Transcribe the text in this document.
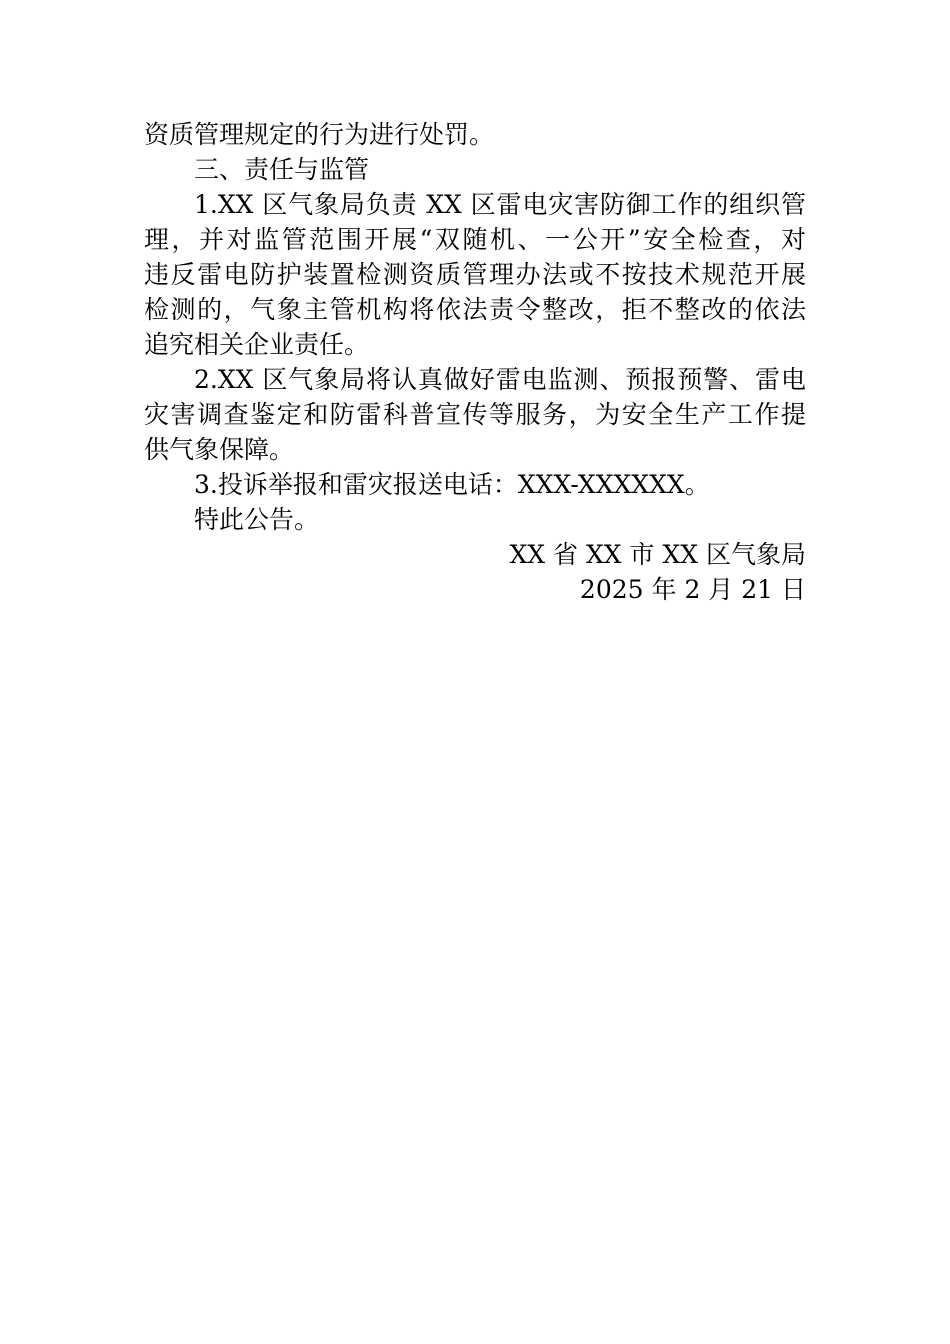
资质管理规定的行为进行处罚。
三、责任与监管
1.XX 区气象局负责 XX 区雷电灾害防御工作的组织管
理，并对监管范围开展“双随机、一公开”安全检查，对
违反雷电防护装置检测资质管理办法或不按技术规范开展
检测的，气象主管机构将依法责令整改，拒不整改的依法
追究相关企业责任。
2.XX 区气象局将认真做好雷电监测、预报预警、雷电
灾害调查鉴定和防雷科普宣传等服务，为安全生产工作提
供气象保障。
3.投诉举报和雷灾报送电话：XXX-XXXXXX。
特此公告。
XX 省 XX 市 XX 区气象局
2025 年 2 月 21 日
